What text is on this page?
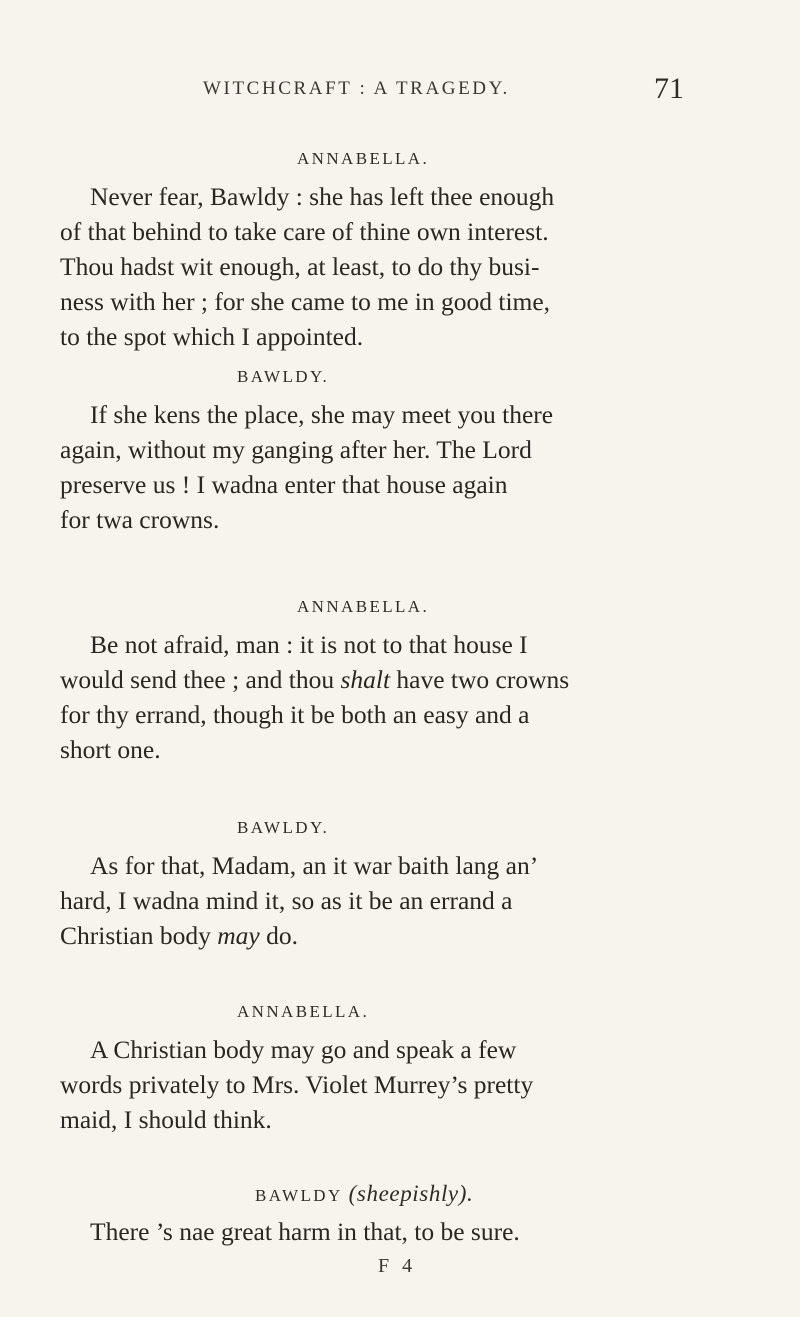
WITCHCRAFT : A TRAGEDY.	71

ANNABELLA.

Never fear, Bawldy : she has left thee enough
of that behind to take care of thine own interest.
Thou hadst wit enough, at least, to do thy busi-
ness with her ; for she came to me in good time,
to the spot which I appointed.

BAWLDY.

If she kens the place, she may meet you there
again, without my ganging after her. The Lord
preserve us ! I wadna enter that house again
for twa crowns.

ANNABELLA.

Be not afraid, man : it is not to that house I
would send thee ; and thou shalt have two crowns
for thy errand, though it be both an easy and a
short one.

BAWLDY.

As for that, Madam, an it war baith lang an’
hard, I wadna mind it, so as it be an errand a
Christian body may do.

ANNABELLA.

A Christian body may go and speak a few
words privately to Mrs. Violet Murrey’s pretty
maid, I should think.

BAWLDY (sheepishly).

There ’s nae great harm in that, to be sure.

F 4
